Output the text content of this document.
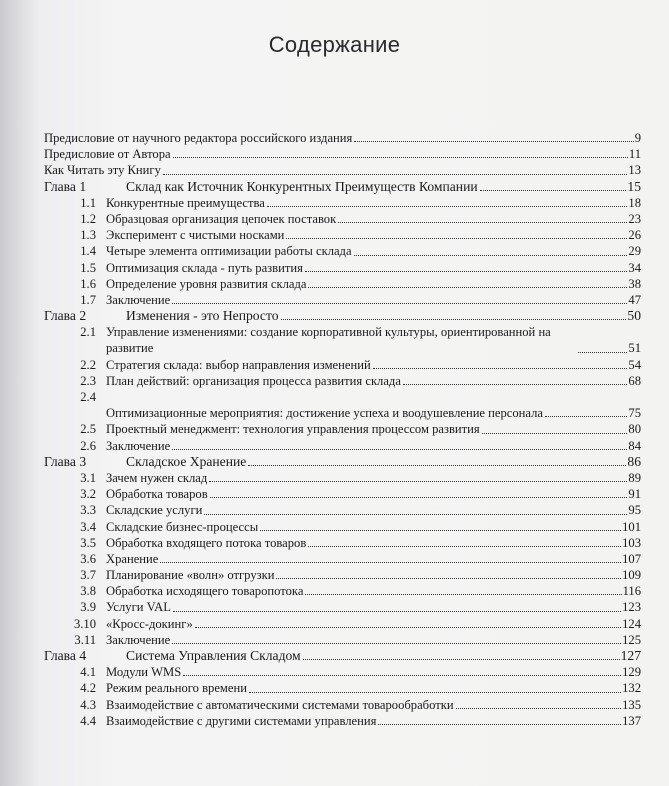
Содержание
Предисловие от научного редактора российского издания	9
Предисловие от Автора	11
Как Читать эту Книгу	13
Глава 1	Склад как Источник Конкурентных Преимуществ Компании	15
1.1 Конкурентные преимущества	18
1.2 Образцовая организация цепочек поставок	23
1.3 Эксперимент с чистыми носками	26
1.4 Четыре элемента оптимизации работы склада	29
1.5 Оптимизация склада - путь развития	34
1.6 Определение уровня развития склада	38
1.7 Заключение	47
Глава 2	Изменения - это Непросто	50
2.1 Управление изменениями: создание корпоративной культуры, ориентированной на развитие	51
2.2 Стратегия склада: выбор направления изменений	54
2.3 План действий: организация процесса развития склада	68
2.4
Оптимизационные мероприятия: достижение успеха и воодушевление персонала	75
2.5 Проектный менеджмент: технология управления процессом развития	80
2.6 Заключение	84
Глава 3	Складское Хранение	86
3.1 Зачем нужен склад	89
3.2 Обработка товаров	91
3.3 Складские услуги	95
3.4 Складские бизнес-процессы	101
3.5 Обработка входящего потока товаров	103
3.6 Хранение	107
3.7 Планирование «волн» отгрузки	109
3.8 Обработка исходящего товаропотока	116
3.9 Услуги VAL	123
3.10 «Кросс-докинг»	124
3.11 Заключение	125
Глава 4	Система Управления Складом	127
4.1 Модули WMS	129
4.2 Режим реального времени	132
4.3 Взаимодействие с автоматическими системами товарообработки	135
4.4 Взаимодействие с другими системами управления	137
